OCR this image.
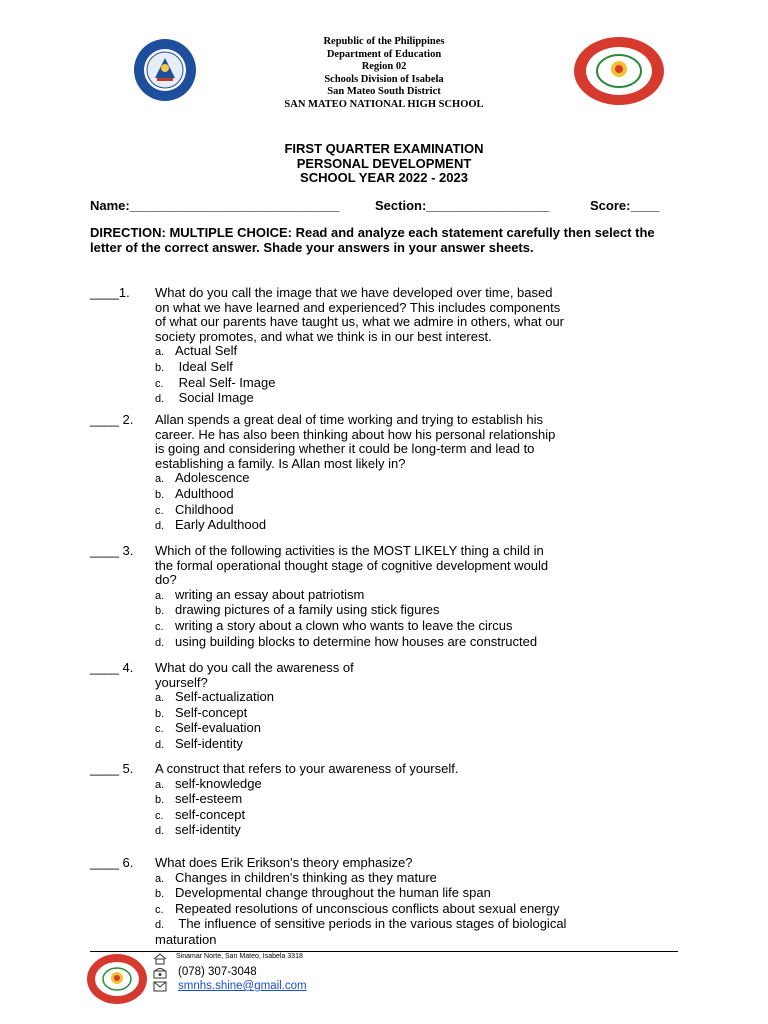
Republic of the Philippines
Department of Education
Region 02
Schools Division of Isabela
San Mateo South District
SAN MATEO NATIONAL HIGH SCHOOL
FIRST QUARTER EXAMINATION
PERSONAL DEVELOPMENT
SCHOOL YEAR 2022 - 2023
Name:_____________________________	Section:_________________	Score:____
DIRECTION: MULTIPLE CHOICE: Read and analyze each statement carefully then select the letter of the correct answer. Shade your answers in your answer sheets.
____1. What do you call the image that we have developed over time, based
on what we have learned and experienced? This includes components
of what our parents have taught us, what we admire in others, what our
society promotes, and what we think is in our best interest.
a. Actual Self
b. Ideal Self
c. Real Self- Image
d. Social Image
____ 2. Allan spends a great deal of time working and trying to establish his
career. He has also been thinking about how his personal relationship
is going and considering whether it could be long-term and lead to
establishing a family. Is Allan most likely in?
a. Adolescence
b. Adulthood
c. Childhood
d. Early Adulthood
____ 3. Which of the following activities is the MOST LIKELY thing a child in
the formal operational thought stage of cognitive development would
do?
a. writing an essay about patriotism
b. drawing pictures of a family using stick figures
c. writing a story about a clown who wants to leave the circus
d. using building blocks to determine how houses are constructed
____ 4. What do you call the awareness of
yourself?
a. Self-actualization
b. Self-concept
c. Self-evaluation
d. Self-identity
____ 5. A construct that refers to your awareness of yourself.
a. self-knowledge
b. self-esteem
c. self-concept
d. self-identity
____ 6. What does Erik Erikson's theory emphasize?
a. Changes in children's thinking as they mature
b. Developmental change throughout the human life span
c. Repeated resolutions of unconscious conflicts about sexual energy
d. The influence of sensitive periods in the various stages of biological
maturation
Sinamar Norte, San Mateo, Isabela 3318
(078) 307-3048
smnhs.shine@gmail.com
